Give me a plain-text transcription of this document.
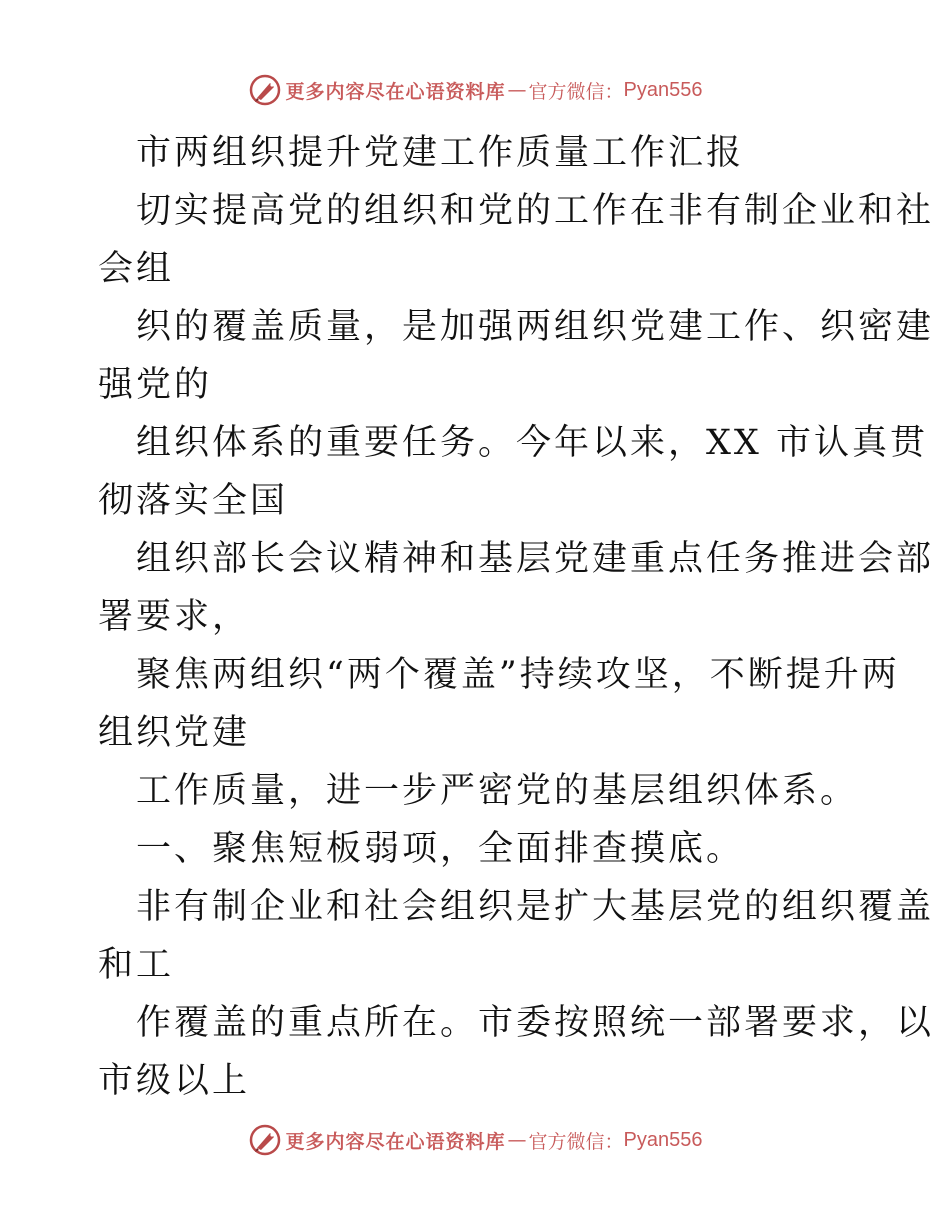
更多内容尽在心语资料库 — 官方微信： Pyan556
市两组织提升党建工作质量工作汇报
切实提高党的组织和党的工作在非有制企业和社
会组
织的覆盖质量，是加强两组织党建工作、织密建
强党的
组织体系的重要任务。今年以来，XX 市认真贯
彻落实全国
组织部长会议精神和基层党建重点任务推进会部
署要求，
聚焦两组织“两个覆盖”持续攻坚，不断提升两
组织党建
工作质量，进一步严密党的基层组织体系。
一、聚焦短板弱项，全面排查摸底。
非有制企业和社会组织是扩大基层党的组织覆盖
和工
作覆盖的重点所在。市委按照统一部署要求，以
市级以上
更多内容尽在心语资料库 — 官方微信： Pyan556
